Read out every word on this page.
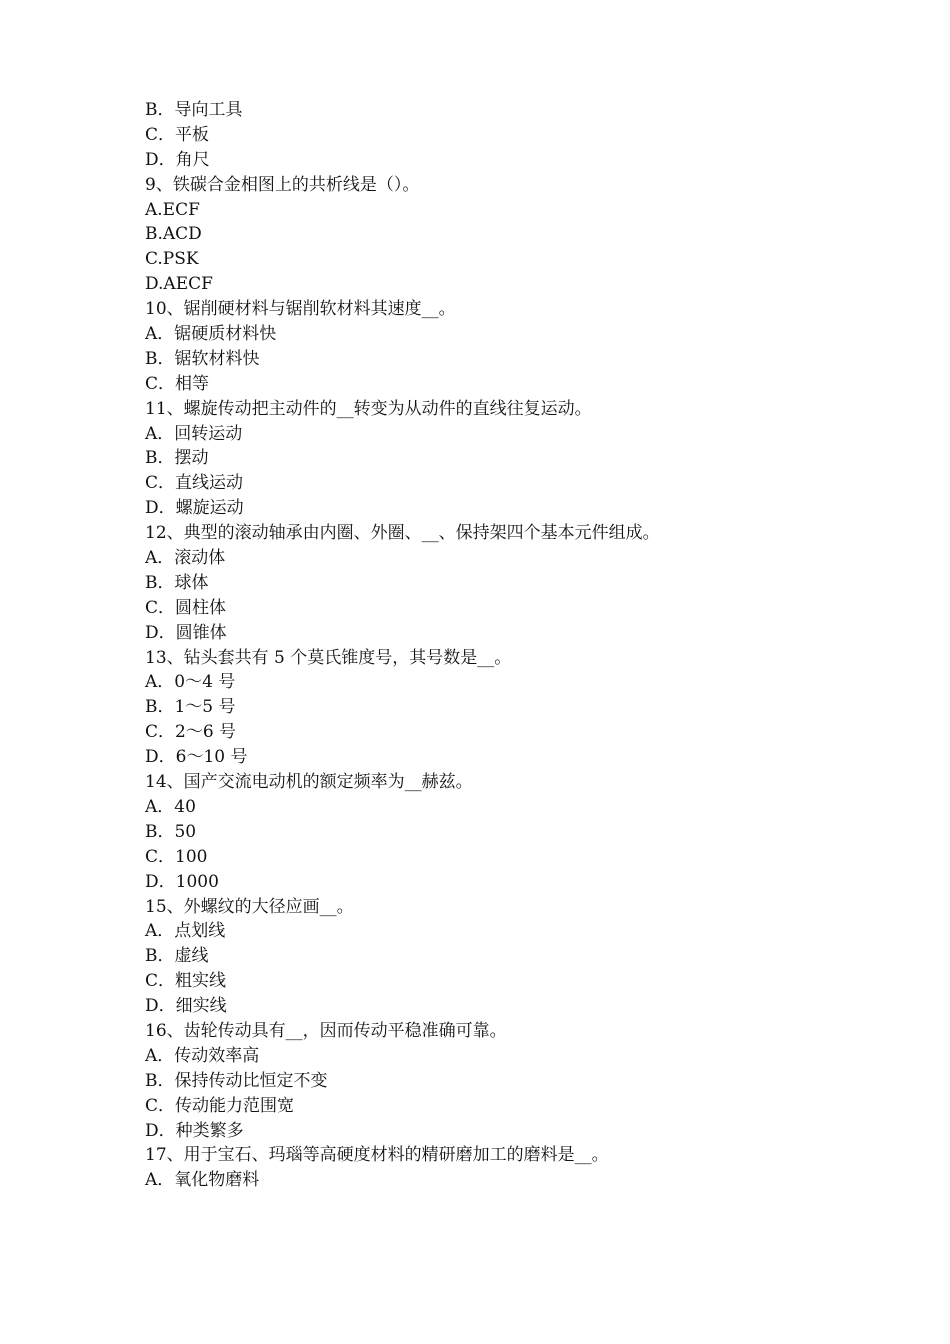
B．导向工具

C．平板

D．角尺

9、铁碳合金相图上的共析线是（）。

A.ECF

B.ACD

C.PSK

D.AECF

10、锯削硬材料与锯削软材料其速度__。

A．锯硬质材料快

B．锯软材料快

C．相等

11、螺旋传动把主动件的__转变为从动件的直线往复运动。

A．回转运动

B．摆动

C．直线运动

D．螺旋运动

12、典型的滚动轴承由内圈、外圈、__、保持架四个基本元件组成。

A．滚动体

B．球体

C．圆柱体

D．圆锥体

13、钻头套共有 5 个莫氏锥度号，其号数是__。

A．0～4 号

B．1～5 号

C．2～6 号

D．6～10 号

14、国产交流电动机的额定频率为__赫兹。

A．40

B．50

C．100

D．1000

15、外螺纹的大径应画__。

A．点划线

B．虚线

C．粗实线

D．细实线

16、齿轮传动具有__，因而传动平稳准确可靠。

A．传动效率高

B．保持传动比恒定不变

C．传动能力范围宽

D．种类繁多

17、用于宝石、玛瑙等高硬度材料的精研磨加工的磨料是__。

A．氧化物磨料
